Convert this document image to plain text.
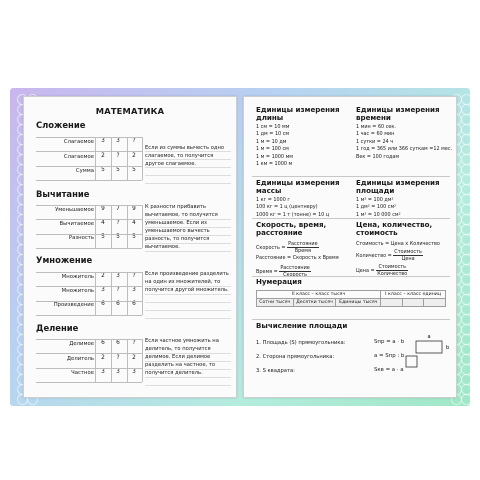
МАТЕМАТИКА
Сложение
Слагаемое	3	3	?
Слагаемое	2	?	2
Сумма	5	5	5
Если из суммы вычесть одно слагаемое, то получится другое слагаемое.
Вычитание
Уменьшаемое	9	7	9
Вычитаемое	4	?	4
Разность	5	5	5
К разности прибавить вычитаемое, то получится уменьшаемое. Если из уменьшаемого вычесть разность, то получится вычитаемое.
Умножение
Множитель	2	3	?
Множитель	3	?	3
Произведение	6	6	6
Если произведение разделить на один из множителей, то получится другой множитель.
Деление
Делимое	6	6	?
Делитель	2	?	2
Частное	3	3	3
Если частное умножить на делитель, то получится делимое. Если делимое разделить на частное, то получится делитель.
Единицы измерения длины
1 см = 10 мм
1 дм = 10 см
1 м = 10 дм
1 м = 100 см
1 м = 1000 мм
1 км = 1000 м
Единицы измерения времени
1 мин = 60 сек.
1 час = 60 мин
1 сутки = 24 ч
1 год = 365 или 366 суткам =12 мес.
Век = 100 годам
Единицы измерения массы
1 кг = 1000 г
100 кг = 1 ц (центнеру)
1000 кг = 1 т (тонне) = 10 ц
Единицы измерения площади
1 м² = 100 дм²
1 дм² = 100 см²
1 м² = 10 000 см²
Скорость, время, расстояние
Скорость = $\frac{\text{Расстояние}}{\text{Время}}$
Расстояние = Скорость х Время
Время = $\frac{\text{Расстояние}}{\text{Скорость}}$
Цена, количество, стоимость
Стоимость = Цена х Количество
Количество = $\frac{\text{Стоимость}}{\text{Цена}}$
Цена = $\frac{\text{Стоимость}}{\text{Количество}}$
Нумерация
II класс – класс тысяч			I класс – класс единиц		
Сотни тысяч	Десятки тысяч	Единицы тысяч			
Вычисление площади
1. Площадь (S) прямоугольника:	Sпр = a · b
2. Сторона прямоугольника:	a = Sпр : b
3. S квадрата:	Sкв = a · a
a
b
